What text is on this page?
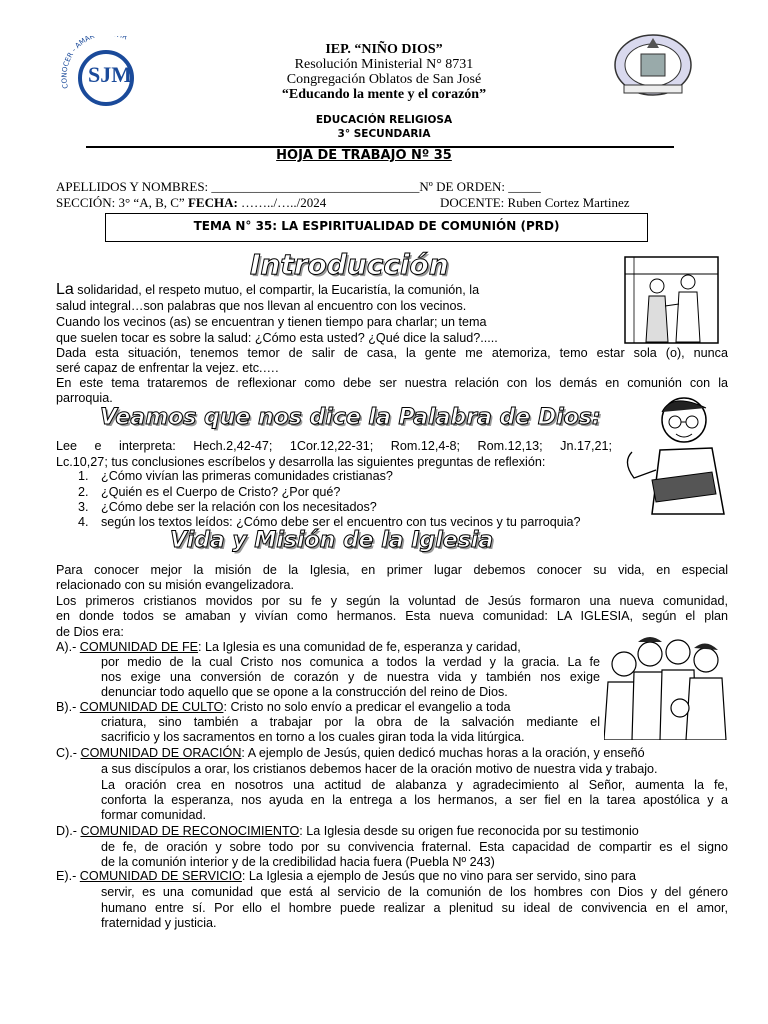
CONOCER - AMAR R
SJM
IEP. “NIÑO DIOS”
Resolución Ministerial N° 8731
Congregación Oblatos de San José
“Educando la mente y el corazón”
EDUCACIÓN RELIGIOSA
3° SECUNDARIA
HOJA DE TRABAJO Nº 35
APELLIDOS Y NOMBRES: ________________________________Nº DE ORDEN: _____
SECCIÓN: 3° “A, B, C” FECHA: ……../…../2024	DOCENTE: Ruben Cortez Martinez
TEMA N° 35: LA ESPIRITUALIDAD DE COMUNIÓN (PRD)
Introducción
La solidaridad, el respeto mutuo, el compartir, la Eucaristía, la comunión, la
salud integral…son palabras que nos llevan al encuentro con los vecinos.
Cuando los vecinos (as) se encuentran y tienen tiempo para charlar; un tema
que suelen tocar es sobre la salud: ¿Cómo esta usted? ¿Qué dice la salud?.....
Dada esta situación, tenemos temor de salir de casa, la gente me atemoriza, temo estar sola (o), nunca
seré capaz de enfrentar la vejez. etc.….
En este tema trataremos de reflexionar como debe ser nuestra relación con los demás en comunión con la
parroquia.
Veamos que nos dice la Palabra de Dios:
Lee e interpreta: Hech.2,42-47; 1Cor.12,22-31; Rom.12,4-8; Rom.12,13; Jn.17,21;
Lc.10,27; tus conclusiones escríbelos y desarrolla las siguientes preguntas de reflexión:
1. ¿Cómo vivían las primeras comunidades cristianas?
2. ¿Quién es el Cuerpo de Cristo? ¿Por qué?
3. ¿Cómo debe ser la relación con los necesitados?
4. según los textos leídos: ¿Cómo debe ser el encuentro con tus vecinos y tu parroquia?
Vida y Misión de la Iglesia
Para conocer mejor la misión de la Iglesia, en primer lugar debemos conocer su vida, en especial
relacionado con su misión evangelizadora.
Los primeros cristianos movidos por su fe y según la voluntad de Jesús formaron una nueva comunidad,
en donde todos se amaban y vivían como hermanos. Esta nueva comunidad: LA IGLESIA, según el plan
de Dios era:
A).- COMUNIDAD DE FE: La Iglesia es una comunidad de fe, esperanza y caridad,
por medio de la cual Cristo nos comunica a todos la verdad y la gracia. La fe
nos exige una conversión de corazón y de nuestra vida y también nos exige
denunciar todo aquello que se opone a la construcción del reino de Dios.
B).- COMUNIDAD DE CULTO: Cristo no solo envío a predicar el evangelio a toda
criatura, sino también a trabajar por la obra de la salvación mediante el
sacrificio y los sacramentos en torno a los cuales giran toda la vida litúrgica.
C).- COMUNIDAD DE ORACIÓN: A ejemplo de Jesús, quien dedicó muchas horas a la oración, y enseñó
a sus discípulos a orar, los cristianos debemos hacer de la oración motivo de nuestra vida y trabajo.
La oración crea en nosotros una actitud de alabanza y agradecimiento al Señor, aumenta la fe,
conforta la esperanza, nos ayuda en la entrega a los hermanos, a ser fiel en la tarea apostólica y a
formar comunidad.
D).- COMUNIDAD DE RECONOCIMIENTO: La Iglesia desde su origen fue reconocida por su testimonio
de fe, de oración y sobre todo por su convivencia fraternal. Esta capacidad de compartir es el signo
de la comunión interior y de la credibilidad hacia fuera (Puebla Nº 243)
E).- COMUNIDAD DE SERVICIO: La Iglesia a ejemplo de Jesús que no vino para ser servido, sino para
servir, es una comunidad que está al servicio de la comunión de los hombres con Dios y del género
humano entre sí. Por ello el hombre puede realizar a plenitud su ideal de convivencia en el amor,
fraternidad y justicia.
